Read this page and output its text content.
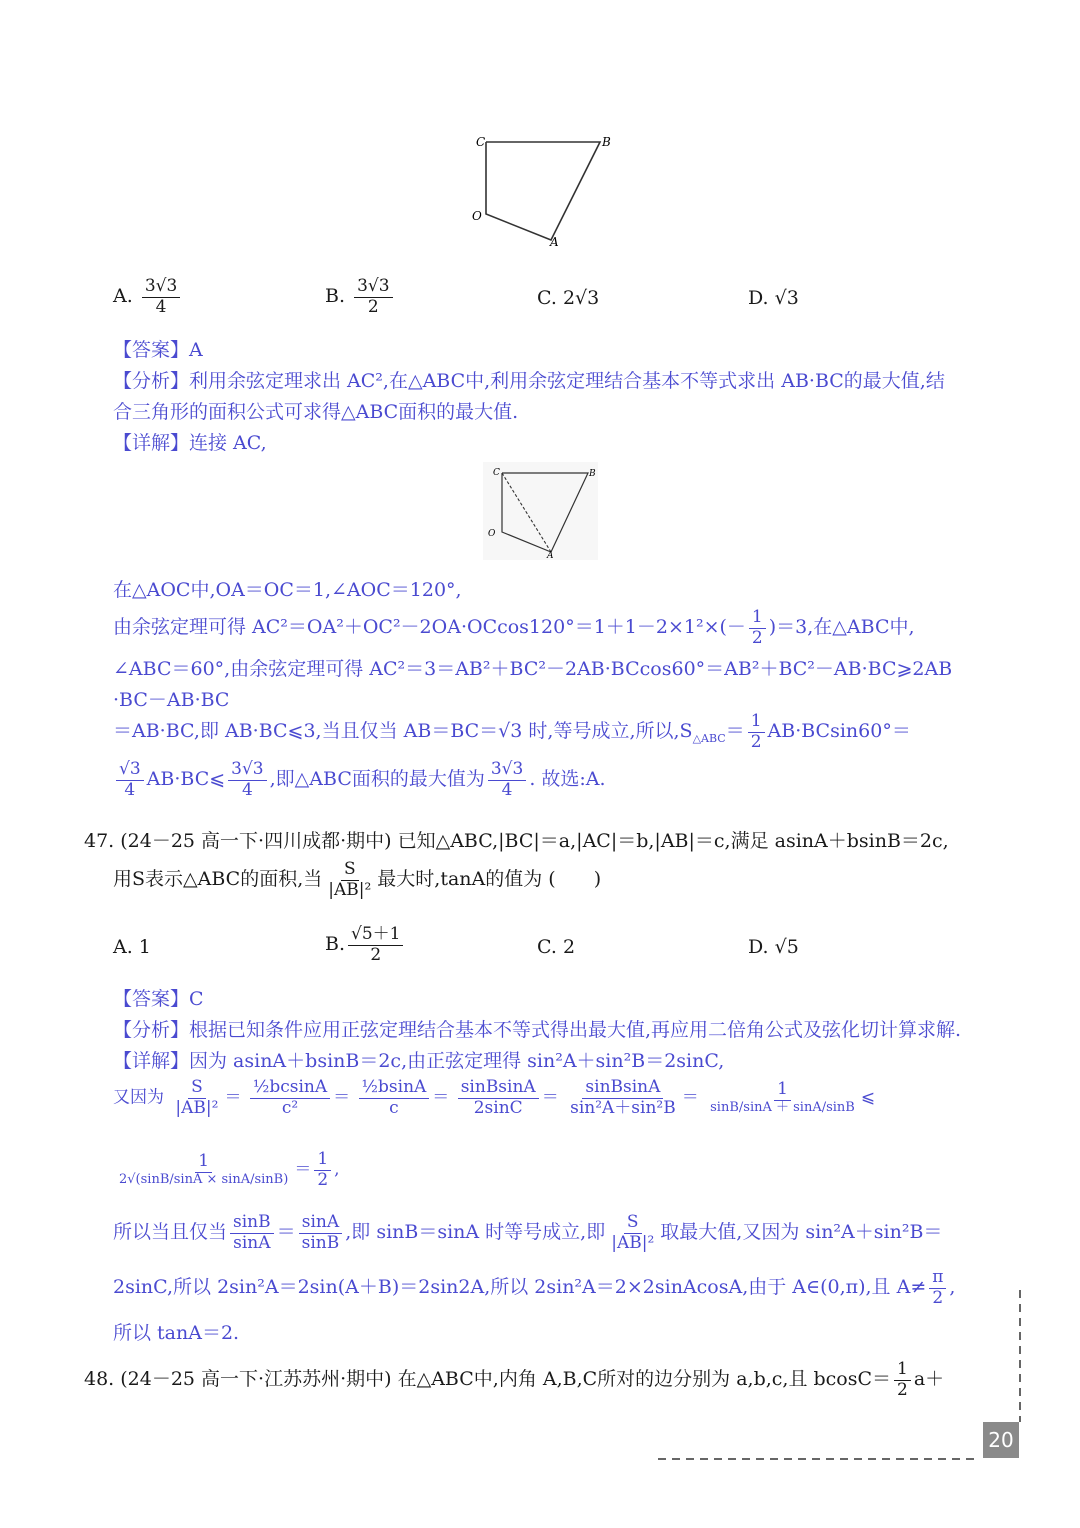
C	B
O
A
A. $\frac{3√3}{4}$	B. $\frac{3√3}{2}$	C. 2√3	D. √3
【答案】A
【分析】利用余弦定理求出 AC²,在△ABC中,利用余弦定理结合基本不等式求出 AB·BC的最大值,结
合三角形的面积公式可求得△ABC面积的最大值.
【详解】连接 AC,
C	B
O
A
在△AOC中,OA＝OC＝1,∠AOC＝120°,
由余弦定理可得 $AC^2=OA^2+OC^2-2OA\cdot OCcos120^\circ=1+1-2\times 1^2\times(- \frac{1}{2} )=3$,在△ABC中,
∠ABC＝60°,由余弦定理可得 AC²＝3＝AB²＋BC²－2AB·BCcos60°＝AB²＋BC²－AB·BC⩾2AB
·BC－AB·BC
＝AB·BC,即 AB·BC⩽3,当且仅当 AB＝BC＝√3 时,等号成立,所以$,S_{\triangle ABC}= \frac{1}{2} AB\cdot BCsin60^\circ=$
$\frac{√3}{4}$ AB·BC⩽ $\frac{3√3}{4}$ ,即△ABC面积的最大值为 $\frac{3√3}{4}$ . 故选:A.
47. (24－25 高一下·四川成都·期中) 已知△ABC,|BC|＝a,|AC|＝b,|AB|＝c,满足 asinA＋bsinB＝2c,
用S表示△ABC的面积,当 $\frac{S}{\text{|AB|²}}$ 最大时,tanA的值为 (　　)
A. 1	B. $\frac{√5+1}{2}$	C. 2	D. √5
【答案】C
【分析】根据已知条件应用正弦定理结合基本不等式得出最大值,再应用二倍角公式及弦化切计算求解.
【详解】因为 asinA＋bsinB＝2c,由正弦定理得 sin²A＋sin²B＝2sinC,
又因为 $\frac{S}{\text{|AB|²}} = \frac{\text{½bcsinA}}{\text{c²}} = \frac{\text{½bsinA}}{c} = \frac{\text{sinBsinA}}{2\sin C} = \frac{\text{sinBsinA}}{\text{sin²A＋sin²B}} = \frac{1}{\sin B/\sin A + \sin A/\sin B}$ ⩽
$\frac{1}{2√(\sin B/\sin A \times \sin A/\sin B)} = \frac{1}{2}$ ,
所以当且仅当 $\frac{\sin B}{\sin A} = \frac{\sin A}{\sin B}$ ,即 sinB＝sinA 时等号成立,即 $\frac{S}{\text{|AB|²}}$ 取最大值,又因为 sin²A＋sin²B＝
2sinC,所以 2sin²A＝2sin(A＋B)＝2sin2A,所以 2sin²A＝2×2sinAcosA,由于 A∈(0,π),且 $A\ne \frac{\pi}{2}$ ,
所以 tanA＝2.
48. (24－25 高一下·江苏苏州·期中) 在△ABC中,内角 A,B,C所对的边分别为 a,b,c,且 $bcosC= \frac{1}{2} a+$
20
